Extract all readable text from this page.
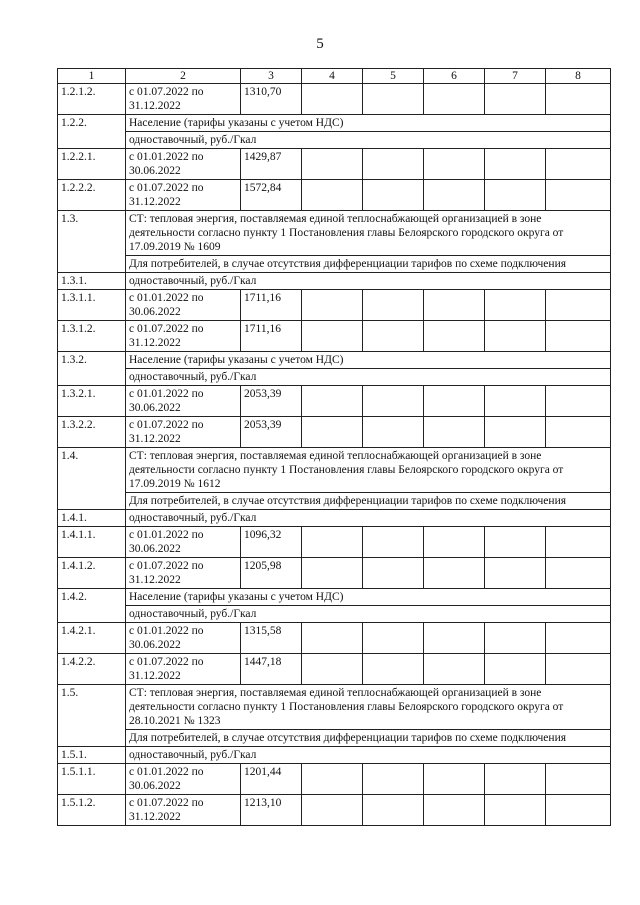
5
1	2	3	4	5	6	7	8
1.2.1.2.	с 01.07.2022 по 31.12.2022	1310,70					
1.2.2.	Население (тарифы указаны с учетом НДС)						
	одноставочный, руб./Гкал						
1.2.2.1.	с 01.01.2022 по 30.06.2022	1429,87					
1.2.2.2.	с 01.07.2022 по 31.12.2022	1572,84					
1.3.	СТ: тепловая энергия, поставляемая единой теплоснабжающей организацией в зоне деятельности согласно пункту 1 Постановления главы Белоярского городского округа от 17.09.2019 № 1609						
	Для потребителей, в случае отсутствия дифференциации тарифов по схеме подключения						
1.3.1.	одноставочный, руб./Гкал						
1.3.1.1.	с 01.01.2022 по 30.06.2022	1711,16					
1.3.1.2.	с 01.07.2022 по 31.12.2022	1711,16					
1.3.2.	Население (тарифы указаны с учетом НДС)						
	одноставочный, руб./Гкал						
1.3.2.1.	с 01.01.2022 по 30.06.2022	2053,39					
1.3.2.2.	с 01.07.2022 по 31.12.2022	2053,39					
1.4.	СТ: тепловая энергия, поставляемая единой теплоснабжающей организацией в зоне деятельности согласно пункту 1 Постановления главы Белоярского городского округа от 17.09.2019 № 1612						
	Для потребителей, в случае отсутствия дифференциации тарифов по схеме подключения						
1.4.1.	одноставочный, руб./Гкал						
1.4.1.1.	с 01.01.2022 по 30.06.2022	1096,32					
1.4.1.2.	с 01.07.2022 по 31.12.2022	1205,98					
1.4.2.	Население (тарифы указаны с учетом НДС)						
	одноставочный, руб./Гкал						
1.4.2.1.	с 01.01.2022 по 30.06.2022	1315,58					
1.4.2.2.	с 01.07.2022 по 31.12.2022	1447,18					
1.5.	СТ: тепловая энергия, поставляемая единой теплоснабжающей организацией в зоне деятельности согласно пункту 1 Постановления главы Белоярского городского округа от 28.10.2021 № 1323						
	Для потребителей, в случае отсутствия дифференциации тарифов по схеме подключения						
1.5.1.	одноставочный, руб./Гкал						
1.5.1.1.	с 01.01.2022 по 30.06.2022	1201,44					
1.5.1.2.	с 01.07.2022 по 31.12.2022	1213,10					
